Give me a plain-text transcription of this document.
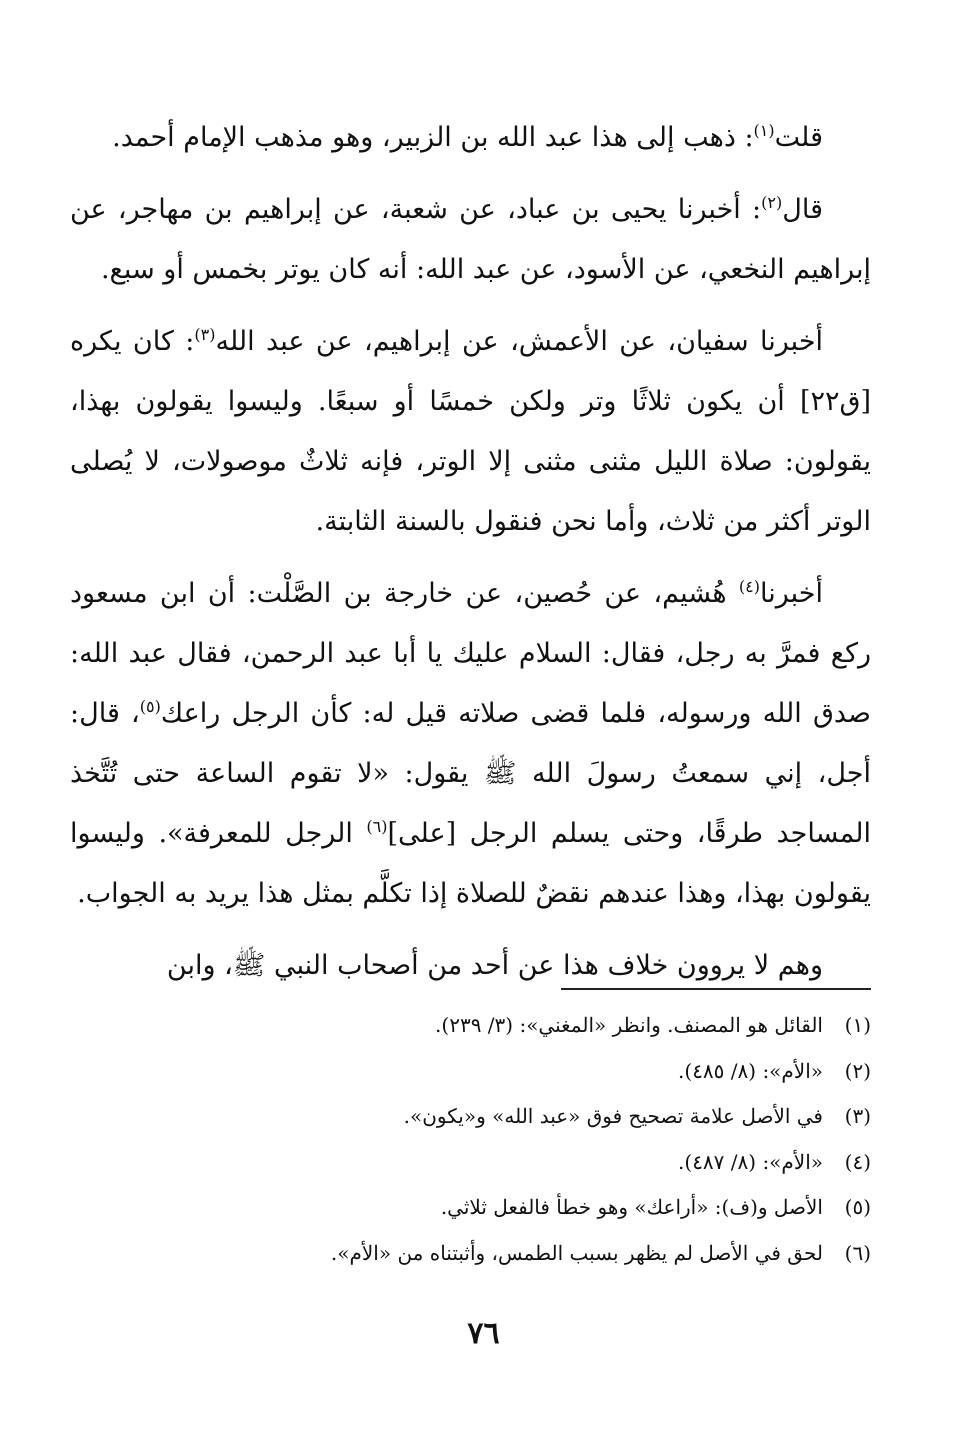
قلت$^{(١)}$: ذهب إلى هذا عبد الله بن الزبير، وهو مذهب الإمام أحمد.

قال$^{(٢)}$: أخبرنا يحيى بن عباد، عن شعبة، عن إبراهيم بن مهاجر، عن إبراهيم النخعي، عن الأسود، عن عبد الله: أنه كان يوتر بخمس أو سبع.

أخبرنا سفيان، عن الأعمش، عن إبراهيم، عن عبد الله$^{(٣)}$: كان يكره [ق٢٢] أن يكون ثلاثًا وتر ولكن خمسًا أو سبعًا. وليسوا يقولون بهذا، يقولون: صلاة الليل مثنى مثنى إلا الوتر، فإنه ثلاثٌ موصولات، لا يُصلى الوتر أكثر من ثلاث، وأما نحن فنقول بالسنة الثابتة.

أخبرنا$^{(٤)}$ هُشيم، عن حُصين، عن خارجة بن الصَّلْت: أن ابن مسعود ركع فمرَّ به رجل، فقال: السلام عليك يا أبا عبد الرحمن، فقال عبد الله: صدق الله ورسوله، فلما قضى صلاته قيل له: كأن الرجل راعك$^{(٥)}$، قال: أجل، إني سمعتُ رسولَ الله ﷺ يقول: «لا تقوم الساعة حتى تُتَّخذ المساجد طرقًا، وحتى يسلم الرجل [على]$^{(٦)}$ الرجل للمعرفة». وليسوا يقولون بهذا، وهذا عندهم نقضٌ للصلاة إذا تكلَّم بمثل هذا يريد به الجواب.

وهم لا يروون خلاف هذا عن أحد من أصحاب النبي ﷺ، وابن

(١)القائل هو المصنف. وانظر «المغني»: (٣/ ٢٣٩).
(٢)«الأم»: (٨/ ٤٨٥).
(٣)في الأصل علامة تصحيح فوق «عبد الله» و«يكون».
(٤)«الأم»: (٨/ ٤٨٧).
(٥)الأصل و(ف): «أراعك» وهو خطأ فالفعل ثلاثي.
(٦)لحق في الأصل لم يظهر بسبب الطمس، وأثبتناه من «الأم».
٧٦
